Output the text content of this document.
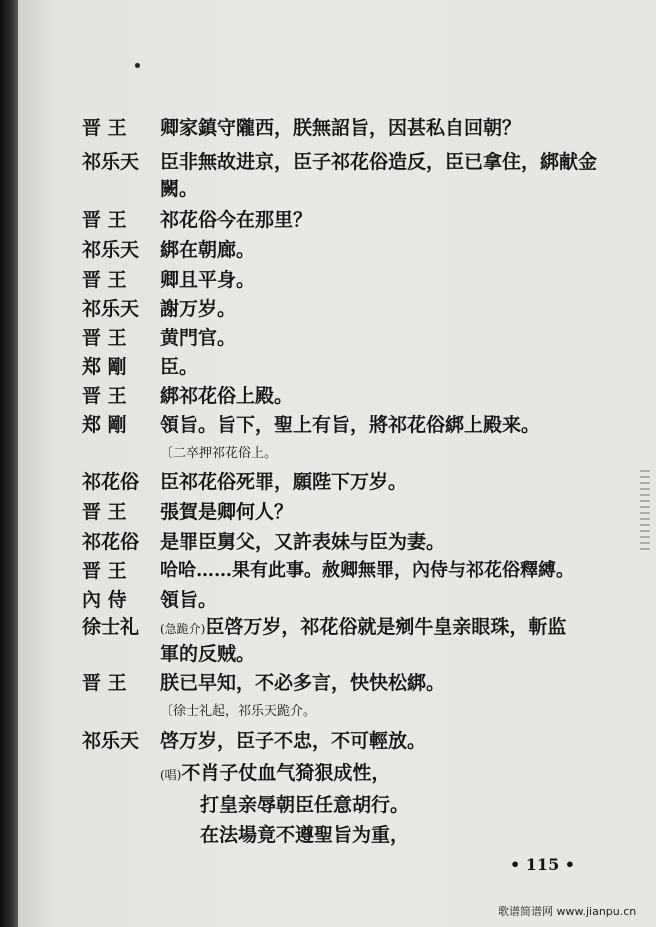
晋 王 卿家鎮守隴西，朕無詔旨，因甚私自回朝？
祁乐天 臣非無故进京，臣子祁花俗造反，臣已拿住，綁献金
闕。
晋 王 祁花俗今在那里？
祁乐天 綁在朝廊。
晋 王 卿且平身。
祁乐天 謝万岁。
晋 王 黄門官。
郑 剛 臣。
晋 王 綁祁花俗上殿。
郑 剛 領旨。旨下，聖上有旨，將祁花俗綁上殿来。
〔二卒押祁花俗上。
祁花俗 臣祁花俗死罪，願陛下万岁。
晋 王 張賀是卿何人？
祁花俗 是罪臣舅父，又許表妹与臣为妻。
晋 王 哈哈……果有此事。赦卿無罪，內侍与祁花俗釋縛。
內 侍 領旨。
徐士礼 (急跪介)臣啓万岁，祁花俗就是剜牛皇亲眼珠，斬监
軍的反贼。
晋 王 朕已早知，不必多言，快快松綁。
〔徐士礼起，祁乐天跪介。
祁乐天 啓万岁，臣子不忠，不可輕放。
(唱)不肖子仗血气猗狠成性，
打皇亲辱朝臣任意胡行。
在法場竟不遵聖旨为重，
• 115 •
歌谱简谱网 www.jianpu.cn
